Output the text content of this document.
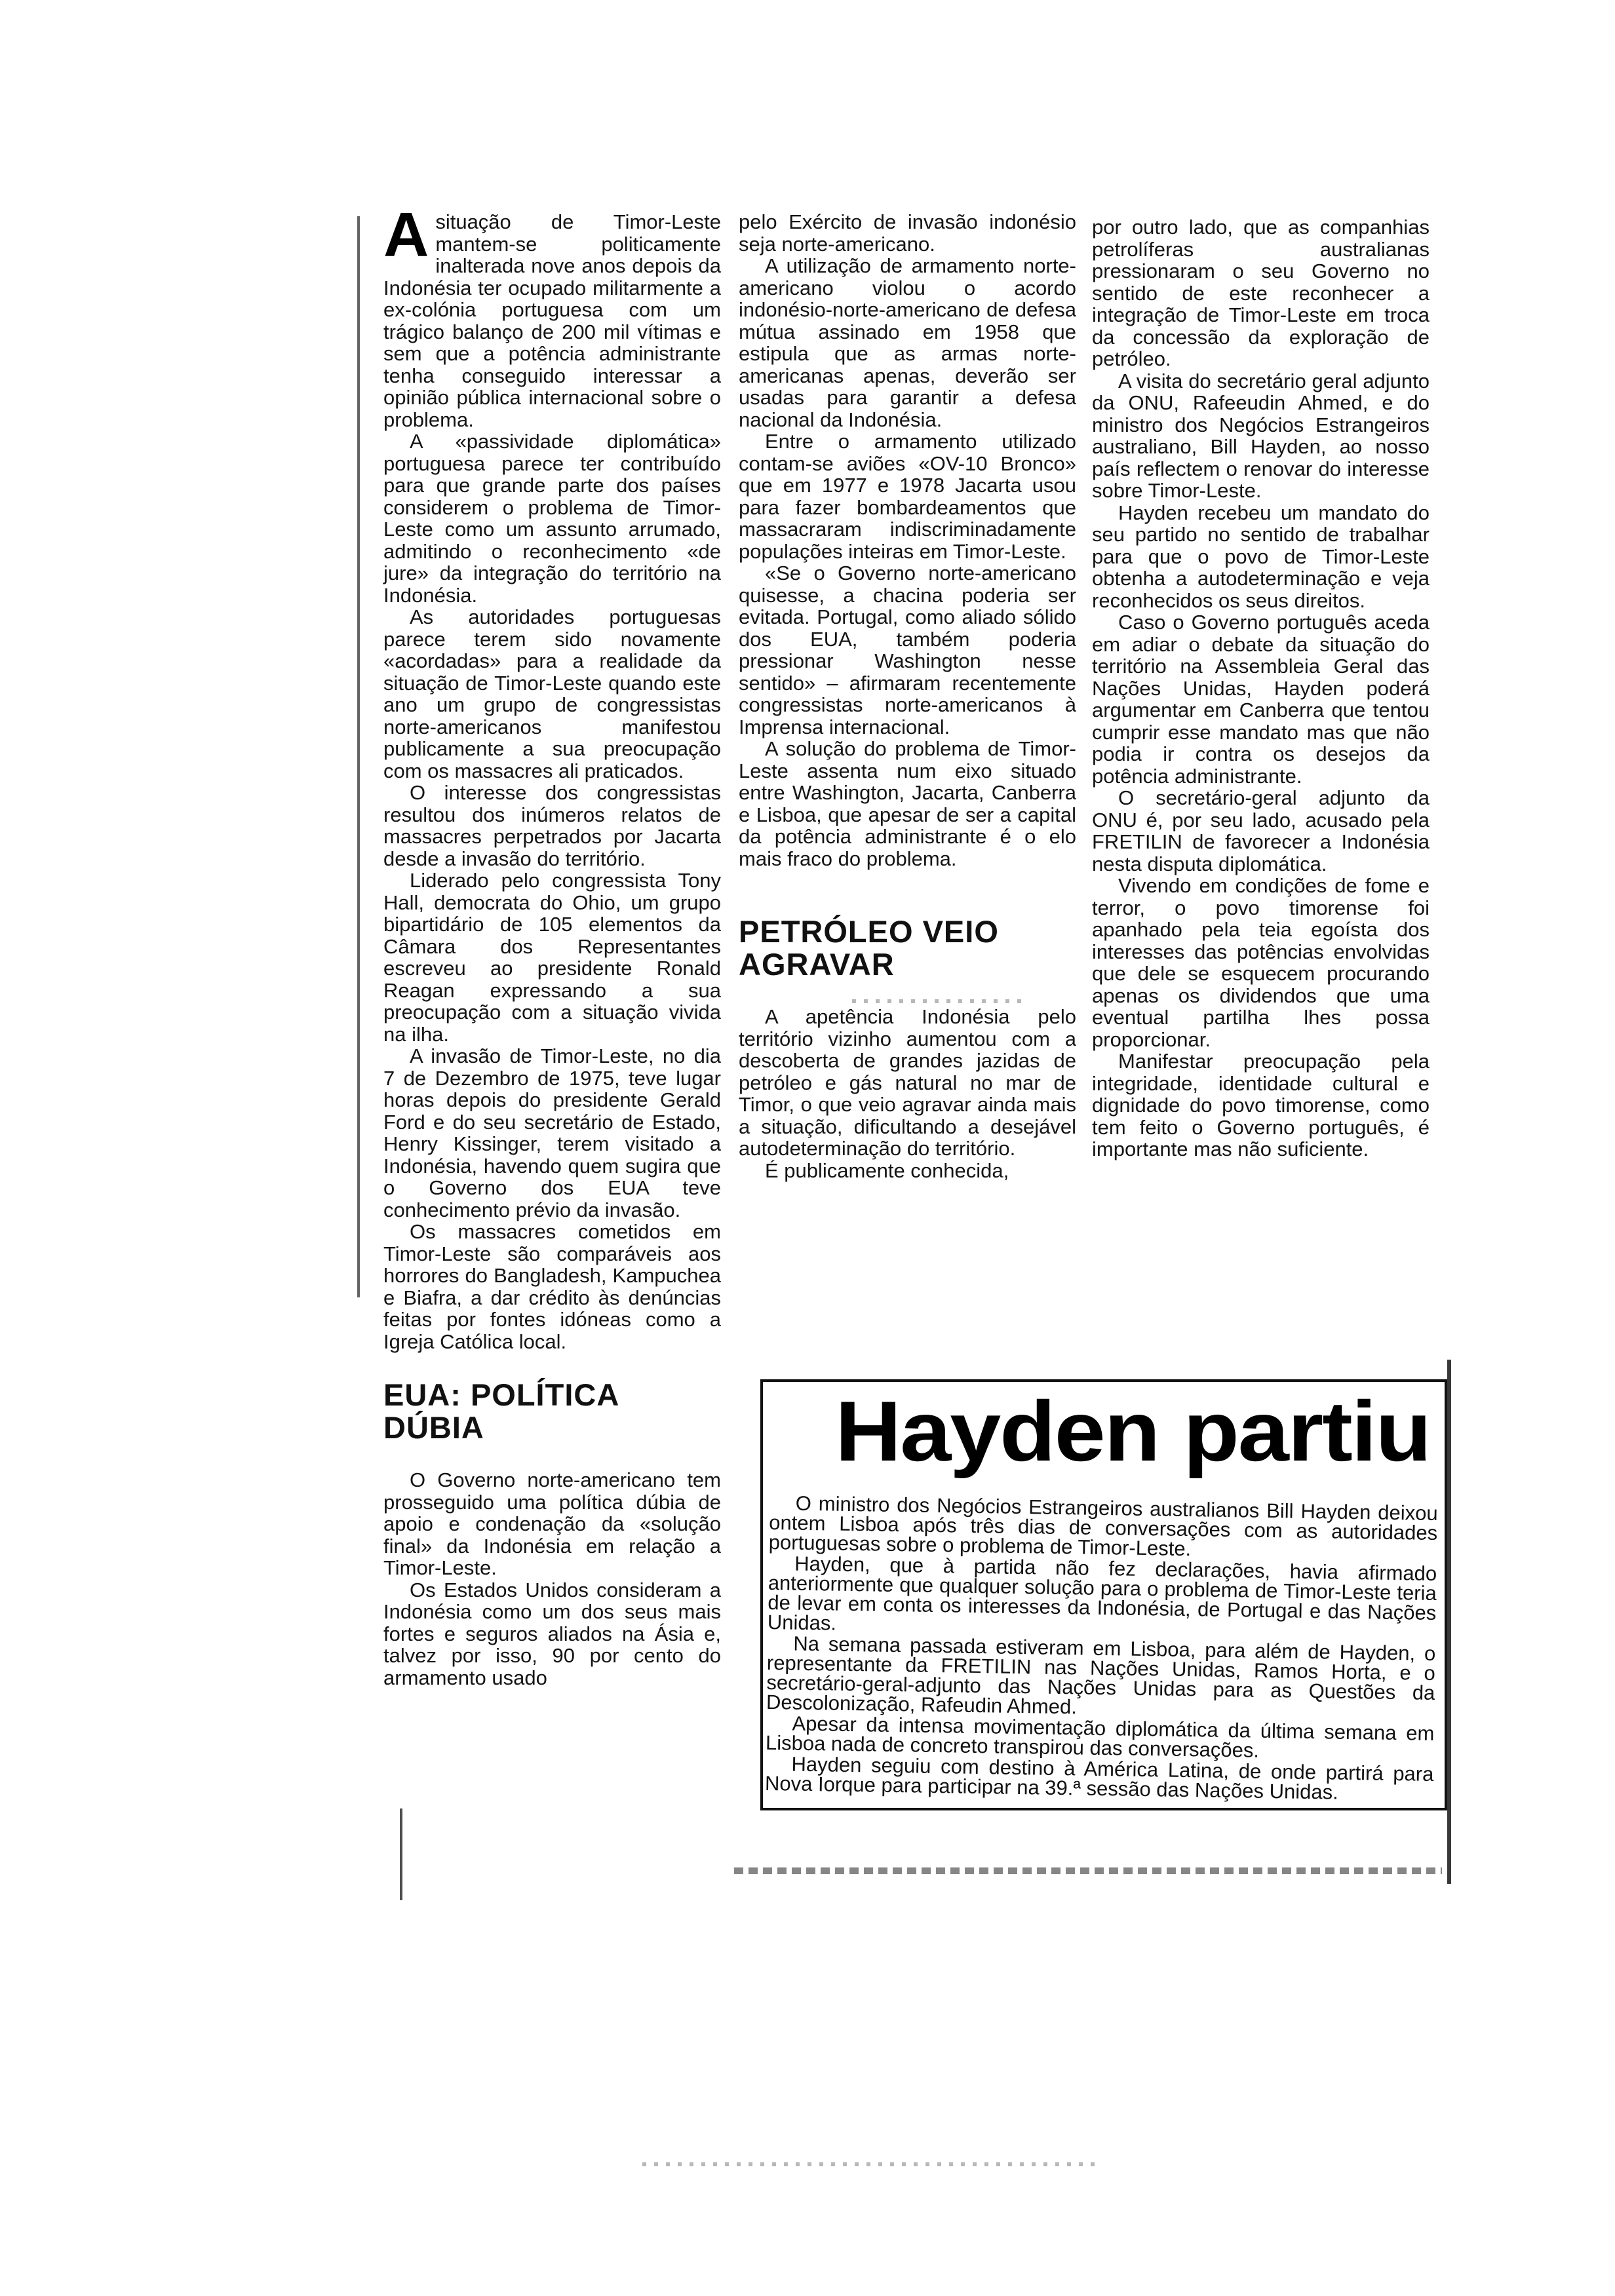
Asituação de Timor-Leste mantem-se politicamente inalterada nove anos depois da Indonésia ter ocupado militarmente a ex-colónia portuguesa com um trágico balanço de 200 mil vítimas e sem que a potência administrante tenha conseguido interessar a opinião pública internacional sobre o problema.

A «passividade diplomática» portuguesa parece ter contribuído para que grande parte dos países considerem o problema de Timor-Leste como um assunto arrumado, admitindo o reconhecimento «de jure» da integração do território na Indonésia.

As autoridades portuguesas parece terem sido novamente «acordadas» para a realidade da situação de Timor-Leste quando este ano um grupo de congressistas norte-americanos manifestou publicamente a sua preocupação com os massacres ali praticados.

O interesse dos congressistas resultou dos inúmeros relatos de massacres perpetrados por Jacarta desde a invasão do território.

Liderado pelo congressista Tony Hall, democrata do Ohio, um grupo bipartidário de 105 elementos da Câmara dos Representantes escreveu ao presidente Ronald Reagan expressando a sua preocupação com a situação vivida na ilha.

A invasão de Timor-Leste, no dia 7 de Dezembro de 1975, teve lugar horas depois do presidente Gerald Ford e do seu secretário de Estado, Henry Kissinger, terem visitado a Indonésia, havendo quem sugira que o Governo dos EUA teve conhecimento prévio da invasão.

Os massacres cometidos em Timor-Leste são comparáveis aos horrores do Bangladesh, Kampuchea e Biafra, a dar crédito às denúncias feitas por fontes idóneas como a Igreja Católica local.

EUA: POLÍTICA DÚBIA

O Governo norte-americano tem prosseguido uma política dúbia de apoio e condenação da «solução final» da Indonésia em relação a Timor-Leste.

Os Estados Unidos consideram a Indonésia como um dos seus mais fortes e seguros aliados na Ásia e, talvez por isso, 90 por cento do armamento usado

pelo Exército de invasão indonésio seja norte-americano.

A utilização de armamento norte-americano violou o acordo indonésio-norte-americano de defesa mútua assinado em 1958 que estipula que as armas norte-americanas apenas, deverão ser usadas para garantir a defesa nacional da Indonésia.

Entre o armamento utilizado contam-se aviões «OV-10 Bronco» que em 1977 e 1978 Jacarta usou para fazer bombardeamentos que massacraram indiscriminadamente populações inteiras em Timor-Leste.

«Se o Governo norte-americano quisesse, a chacina poderia ser evitada. Portugal, como aliado sólido dos EUA, também poderia pressionar Washington nesse sentido» – afirmaram recentemente congressistas norte-americanos à Imprensa internacional.

A solução do problema de Timor-Leste assenta num eixo situado entre Washington, Jacarta, Canberra e Lisboa, que apesar de ser a capital da potência administrante é o elo mais fraco do problema.

PETRÓLEO VEIO AGRAVAR

A apetência Indonésia pelo território vizinho aumentou com a descoberta de grandes jazidas de petróleo e gás natural no mar de Timor, o que veio agravar ainda mais a situação, dificultando a desejável autodeterminação do território.

É publicamente conhecida,

por outro lado, que as companhias petrolíferas australianas pressionaram o seu Governo no sentido de este reconhecer a integração de Timor-Leste em troca da concessão da exploração de petróleo.

A visita do secretário geral adjunto da ONU, Rafeeudin Ahmed, e do ministro dos Negócios Estrangeiros australiano, Bill Hayden, ao nosso país reflectem o renovar do interesse sobre Timor-Leste.

Hayden recebeu um mandato do seu partido no sentido de trabalhar para que o povo de Timor-Leste obtenha a autodeterminação e veja reconhecidos os seus direitos.

Caso o Governo português aceda em adiar o debate da situação do território na Assembleia Geral das Nações Unidas, Hayden poderá argumentar em Canberra que tentou cumprir esse mandato mas que não podia ir contra os desejos da potência administrante.

O secretário-geral adjunto da ONU é, por seu lado, acusado pela FRETILIN de favorecer a Indonésia nesta disputa diplomática.

Vivendo em condições de fome e terror, o povo timorense foi apanhado pela teia egoísta dos interesses das potências envolvidas que dele se esquecem procurando apenas os dividendos que uma eventual partilha lhes possa proporcionar.

Manifestar preocupação pela integridade, identidade cultural e dignidade do povo timorense, como tem feito o Governo português, é importante mas não suficiente.

Hayden partiu

O ministro dos Negócios Estrangeiros australianos Bill Hayden deixou ontem Lisboa após três dias de conversações com as autoridades portuguesas sobre o problema de Timor-Leste.

Hayden, que à partida não fez declarações, havia afirmado anteriormente que qualquer solução para o problema de Timor-Leste teria de levar em conta os interesses da Indonésia, de Portugal e das Nações Unidas.

Na semana passada estiveram em Lisboa, para além de Hayden, o representante da FRETILIN nas Nações Unidas, Ramos Horta, e o secretário-geral-adjunto das Nações Unidas para as Questões da Descolonização, Rafeudin Ahmed.

Apesar da intensa movimentação diplomática da última semana em Lisboa nada de concreto transpirou das conversações.

Hayden seguiu com destino à América Latina, de onde partirá para Nova Iorque para participar na 39.ª sessão das Nações Unidas.
